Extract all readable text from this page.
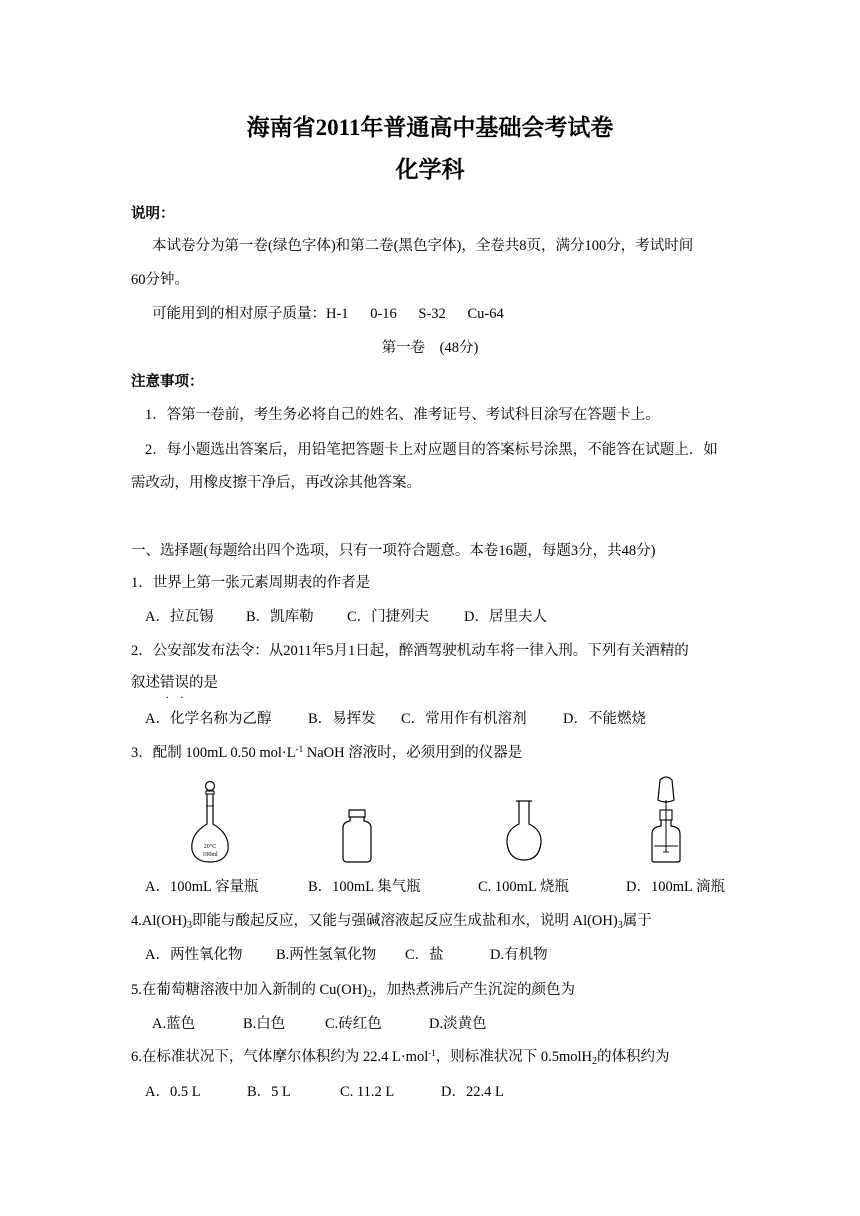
海南省2011年普通高中基础会考试卷
化学科
说明：
本试卷分为第一卷(绿色字体)和第二卷(黑色字体)，全卷共8页，满分100分，考试时间
60分钟。
可能用到的相对原子质量：H-1 0-16 S-32 Cu-64
第一卷　(48分)
注意事项：
1．答第一卷前，考生务必将自己的姓名、准考证号、考试科目涂写在答题卡上。
2．每小题选出答案后，用铅笔把答题卡上对应题目的答案标号涂黑，不能答在试题上．如
需改动，用橡皮擦干净后，再改涂其他答案。
一、选择题(每题给出四个选项，只有一项符合题意。本卷16题，每题3分，共48分)
1．世界上第一张元素周期表的作者是
A．拉瓦锡 B．凯库勒 C．门捷列夫 D．居里夫人
2．公安部发布法令：从2011年5月1日起，醉酒驾驶机动车将一律入刑。下列有关酒精的
叙述错误的是
A．化学名称为乙醇	B．易挥发 C．常用作有机溶剂	D．不能燃烧
3．配制 100mL 0.50 $mol\cdot L^{-1}$ NaOH 溶液时，必须用到的仪器是
20°C
100ml
A．100mL 容量瓶	B．100mL 集气瓶	C. 100mL 烧瓶	D．100mL 滴瓶
$4.Al(OH)_3$即能与酸起反应，又能与强碱溶液起反应生成盐和水，说明 $Al(OH)_3$属于
A．两性氧化物 B.两性氢氧化物 C．盐	D.有机物
5.在葡萄糖溶液中加入新制的 $Cu(OH)_2$，加热煮沸后产生沉淀的颜色为
A.蓝色	B.白色	C.砖红色	D.淡黄色
6.在标准状况下，气体摩尔体积约为 22.4 L·mol$^{-1}$，则标准状况下 0.5molH$_2$的体积约为
A．0.5 L	B．5 L	C. 11.2 L	D．22.4 L
